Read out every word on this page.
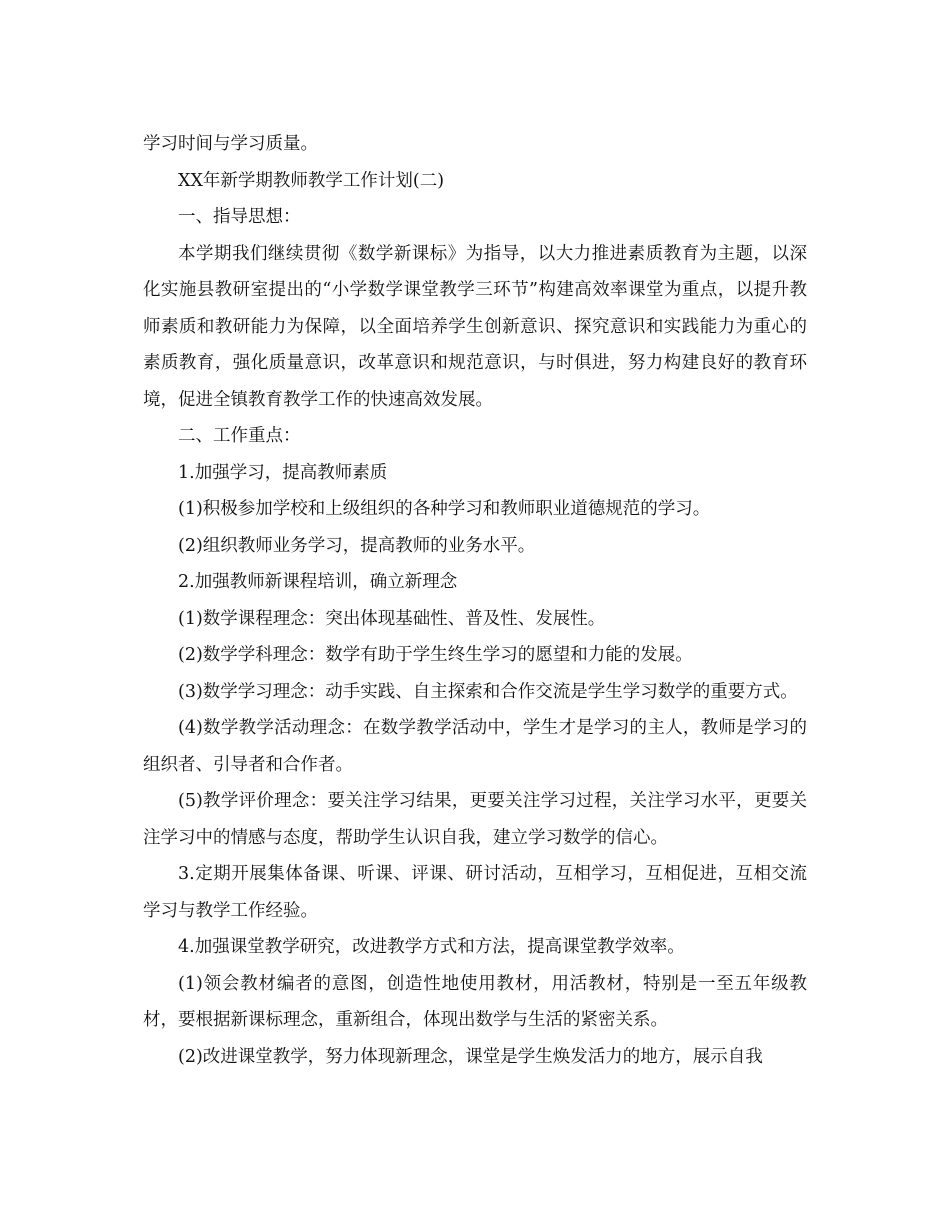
学习时间与学习质量。

XX年新学期教师教学工作计划(二)

一、指导思想：

本学期我们继续贯彻《数学新课标》为指导，以大力推进素质教育为主题，以深化实施县教研室提出的“小学数学课堂教学三环节”构建高效率课堂为重点，以提升教师素质和教研能力为保障，以全面培养学生创新意识、探究意识和实践能力为重心的素质教育，强化质量意识，改革意识和规范意识，与时俱进，努力构建良好的教育环境，促进全镇教育教学工作的快速高效发展。

二、工作重点：

1.加强学习，提高教师素质

(1)积极参加学校和上级组织的各种学习和教师职业道德规范的学习。

(2)组织教师业务学习，提高教师的业务水平。

2.加强教师新课程培训，确立新理念

(1)数学课程理念：突出体现基础性、普及性、发展性。

(2)数学学科理念：数学有助于学生终生学习的愿望和力能的发展。

(3)数学学习理念：动手实践、自主探索和合作交流是学生学习数学的重要方式。

(4)数学教学活动理念：在数学教学活动中，学生才是学习的主人，教师是学习的组织者、引导者和合作者。

(5)教学评价理念：要关注学习结果，更要关注学习过程，关注学习水平，更要关注学习中的情感与态度，帮助学生认识自我，建立学习数学的信心。

3.定期开展集体备课、听课、评课、研讨活动，互相学习，互相促进，互相交流学习与教学工作经验。

4.加强课堂教学研究，改进教学方式和方法，提高课堂教学效率。

(1)领会教材编者的意图，创造性地使用教材，用活教材，特别是一至五年级教材，要根据新课标理念，重新组合，体现出数学与生活的紧密关系。

(2)改进课堂教学，努力体现新理念，课堂是学生焕发活力的地方，展示自我
